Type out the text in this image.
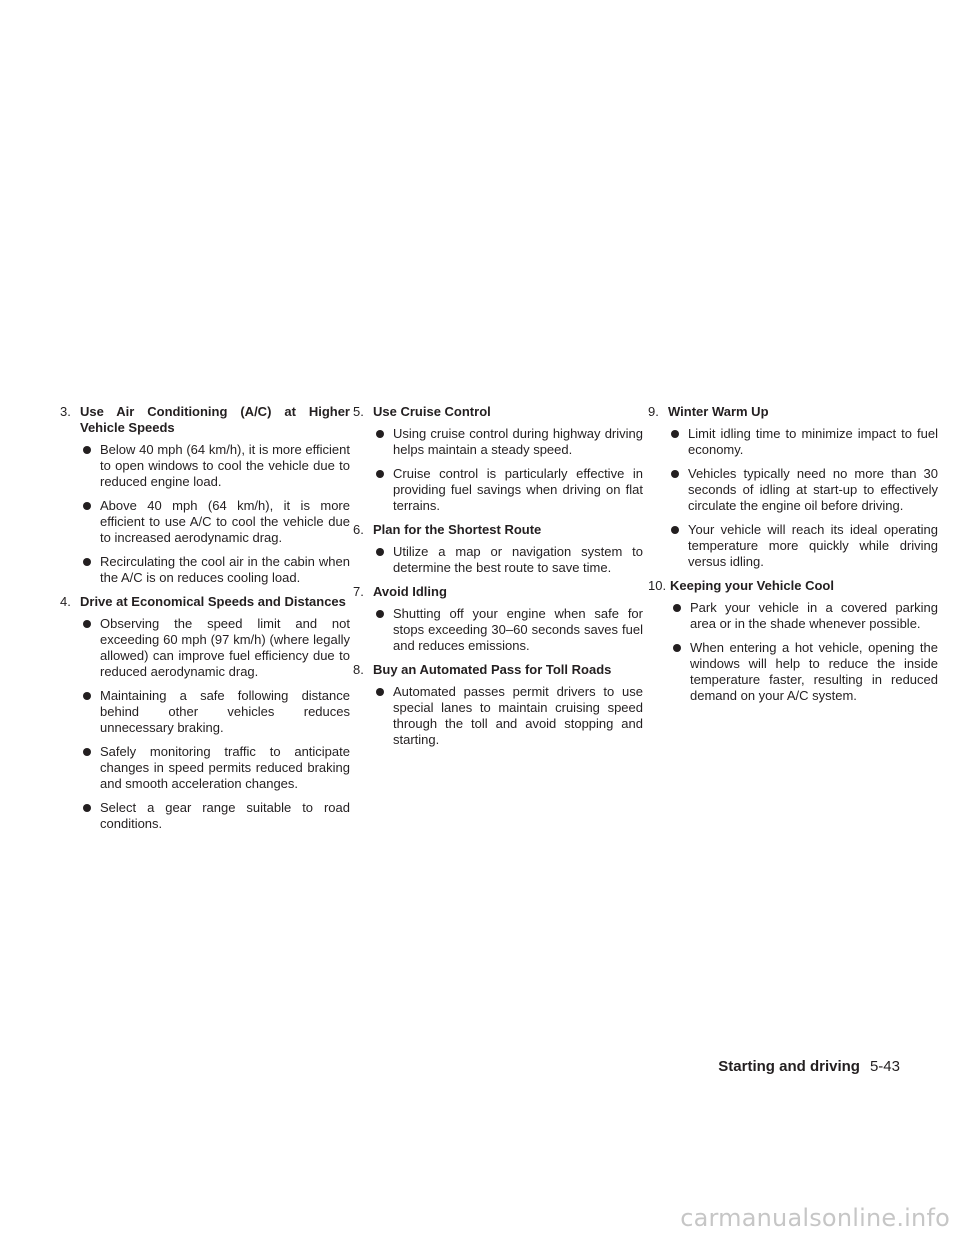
3. Use Air Conditioning (A/C) at Higher Vehicle Speeds
Below 40 mph (64 km/h), it is more efficient to open windows to cool the vehicle due to reduced engine load.
Above 40 mph (64 km/h), it is more efficient to use A/C to cool the vehicle due to increased aerodynamic drag.
Recirculating the cool air in the cabin when the A/C is on reduces cooling load.
4. Drive at Economical Speeds and Distances
Observing the speed limit and not exceeding 60 mph (97 km/h) (where legally allowed) can improve fuel efficiency due to reduced aerodynamic drag.
Maintaining a safe following distance behind other vehicles reduces unnecessary braking.
Safely monitoring traffic to anticipate changes in speed permits reduced braking and smooth acceleration changes.
Select a gear range suitable to road conditions.
5. Use Cruise Control
Using cruise control during highway driving helps maintain a steady speed.
Cruise control is particularly effective in providing fuel savings when driving on flat terrains.
6. Plan for the Shortest Route
Utilize a map or navigation system to determine the best route to save time.
7. Avoid Idling
Shutting off your engine when safe for stops exceeding 30–60 seconds saves fuel and reduces emissions.
8. Buy an Automated Pass for Toll Roads
Automated passes permit drivers to use special lanes to maintain cruising speed through the toll and avoid stopping and starting.
9. Winter Warm Up
Limit idling time to minimize impact to fuel economy.
Vehicles typically need no more than 30 seconds of idling at start-up to effectively circulate the engine oil before driving.
Your vehicle will reach its ideal operating temperature more quickly while driving versus idling.
10. Keeping your Vehicle Cool
Park your vehicle in a covered parking area or in the shade whenever possible.
When entering a hot vehicle, opening the windows will help to reduce the inside temperature faster, resulting in reduced demand on your A/C system.
Starting and driving 5-43
carmanualsonline.info
